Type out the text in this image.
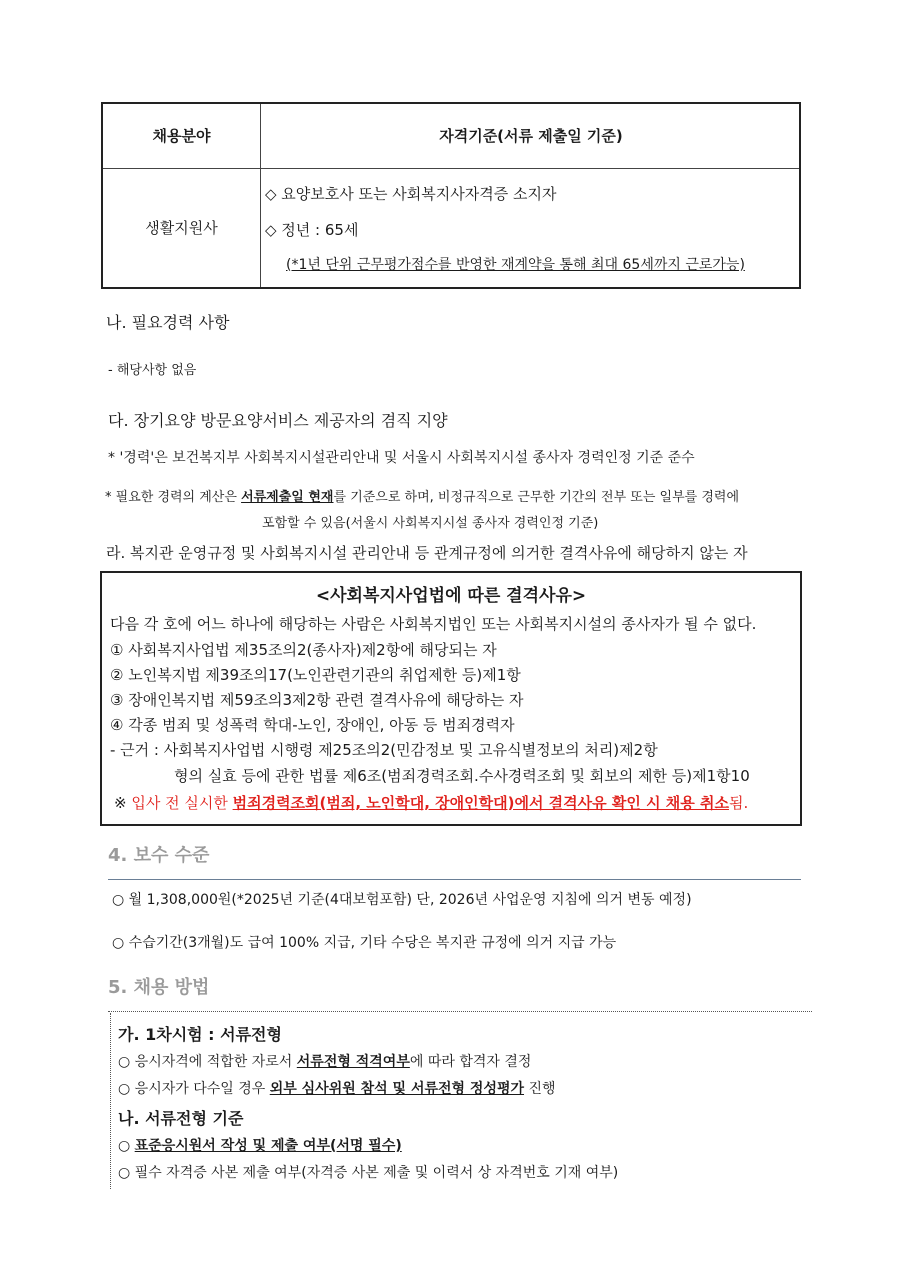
채용분야	자격기준(서류 제출일 기준)
생활지원사
◇ 요양보호사 또는 사회복지사자격증 소지자
◇ 정년 : 65세
(*1년 단위 근무평가점수를 반영한 재계약을 통해 최대 65세까지 근로가능)
나. 필요경력 사항
- 해당사항 없음
다. 장기요양 방문요양서비스 제공자의 겸직 지양
* '경력'은 보건복지부 사회복지시설관리안내 및 서울시 사회복지시설 종사자 경력인정 기준 준수
* 필요한 경력의 계산은 서류제출일 현재를 기준으로 하며, 비정규직으로 근무한 기간의 전부 또는 일부를 경력에
포함할 수 있음(서울시 사회복지시설 종사자 경력인정 기준)
라. 복지관 운영규정 및 사회복지시설 관리안내 등 관계규정에 의거한 결격사유에 해당하지 않는 자
<사회복지사업법에 따른 결격사유>
다음 각 호에 어느 하나에 해당하는 사람은 사회복지법인 또는 사회복지시설의 종사자가 될 수 없다.
① 사회복지사업법 제35조의2(종사자)제2항에 해당되는 자
② 노인복지법 제39조의17(노인관련기관의 취업제한 등)제1항
③ 장애인복지법 제59조의3제2항 관련 결격사유에 해당하는 자
④ 각종 범죄 및 성폭력 학대-노인, 장애인, 아동 등 범죄경력자
- 근거 : 사회복지사업법 시행령 제25조의2(민감정보 및 고유식별정보의 처리)제2항
형의 실효 등에 관한 법률 제6조(범죄경력조회.수사경력조회 및 회보의 제한 등)제1항10
※ 입사 전 실시한 범죄경력조회(범죄, 노인학대, 장애인학대)에서 결격사유 확인 시 채용 취소됨.
4. 보수 수준
○ 월 1,308,000원(*2025년 기준(4대보험포함) 단, 2026년 사업운영 지침에 의거 변동 예정)
○ 수습기간(3개월)도 급여 100% 지급, 기타 수당은 복지관 규정에 의거 지급 가능
5. 채용 방법
가. 1차시험 : 서류전형
○ 응시자격에 적합한 자로서 서류전형 적격여부에 따라 합격자 결정
○ 응시자가 다수일 경우 외부 심사위원 참석 및 서류전형 정성평가 진행
나. 서류전형 기준
○ 표준응시원서 작성 및 제출 여부(서명 필수)
○ 필수 자격증 사본 제출 여부(자격증 사본 제출 및 이력서 상 자격번호 기재 여부)
